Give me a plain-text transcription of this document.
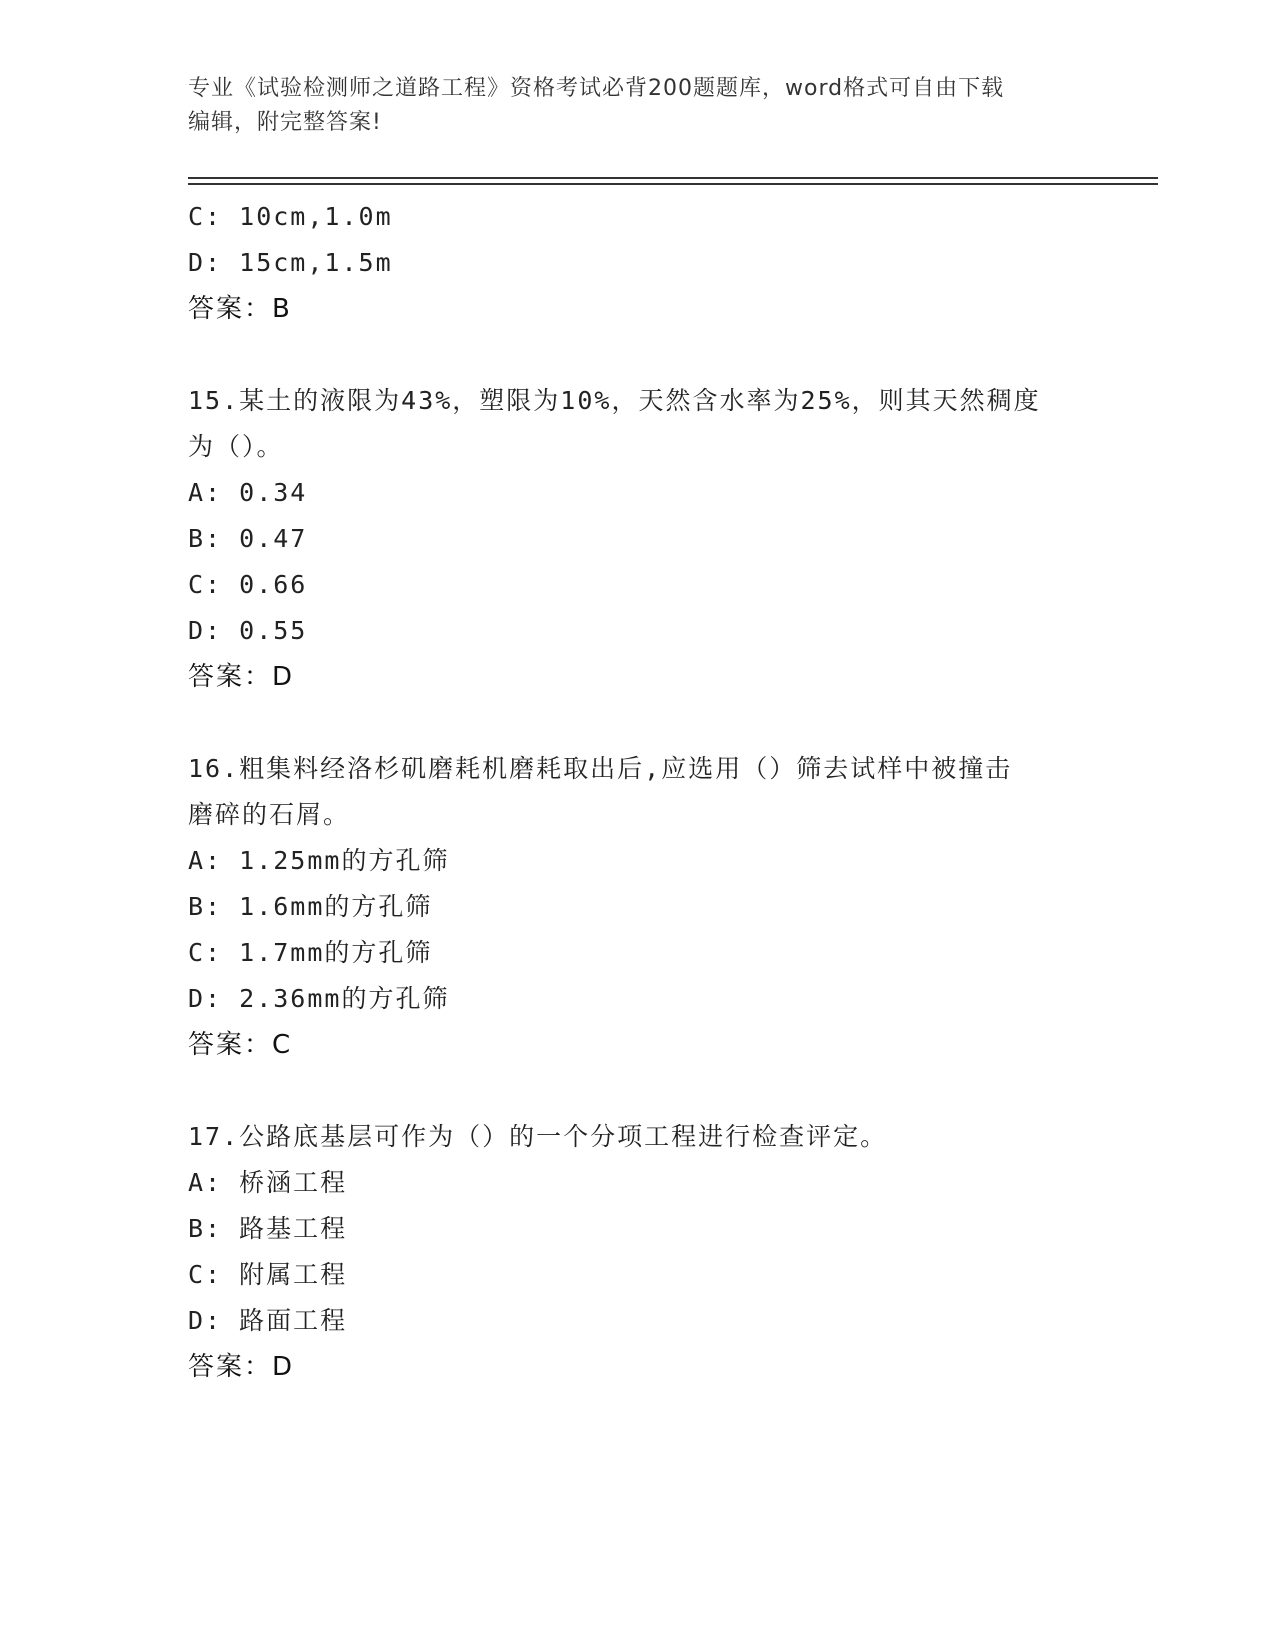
专业《试验检测师之道路工程》资格考试必背200题题库，word格式可自由下载
编辑，附完整答案!
C: 10cm,1.0m
D: 15cm,1.5m
答案：B
15.某土的液限为43%，塑限为10%，天然含水率为25%，则其天然稠度
为（）。
A: 0.34
B: 0.47
C: 0.66
D: 0.55
答案：D
16.粗集料经洛杉矶磨耗机磨耗取出后,应选用（）筛去试样中被撞击
磨碎的石屑。
A: 1.25mm的方孔筛
B: 1.6mm的方孔筛
C: 1.7mm的方孔筛
D: 2.36mm的方孔筛
答案：C
17.公路底基层可作为（）的一个分项工程进行检查评定。
A: 桥涵工程
B: 路基工程
C: 附属工程
D: 路面工程
答案：D
